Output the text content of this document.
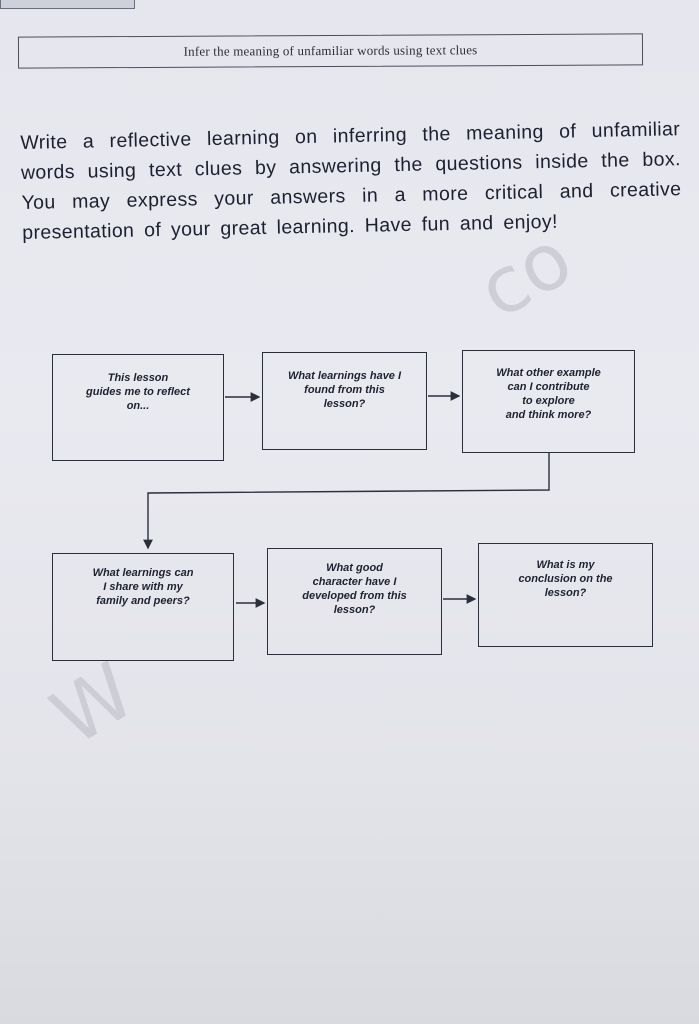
Infer the meaning of unfamiliar words using text clues
Write a reflective learning on inferring the meaning of unfamiliar words using text clues by answering the questions inside the box. You may express your answers in a more critical and creative presentation of your great learning. Have fun and enjoy!
co
W
This lesson
guides me to reflect
on...
What learnings have I
found from this
lesson?
What other example
can I contribute
to explore
and think more?
What learnings can
I share with my
family and peers?
What good
character have I
developed from this
lesson?
What is my
conclusion on the
lesson?
